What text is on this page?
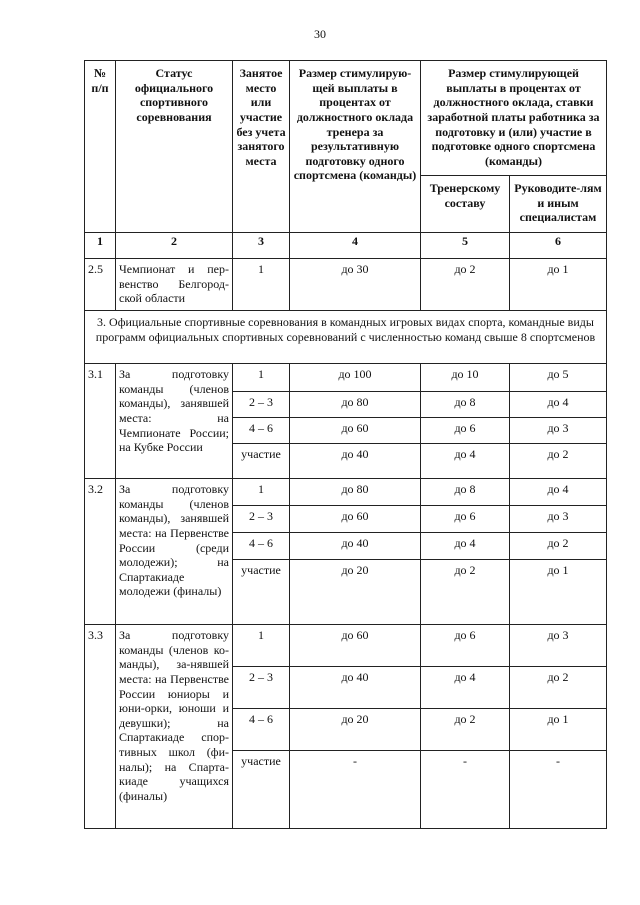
30
№ п/п	Статус официального спортивного соревнования	Занятое место или участие без учета занятого места	Размер стимулирую-щей выплаты в процентах от должностного оклада тренера за результативную подготовку одного спортсмена (команды)	Размер стимулирующей выплаты в процентах от должностного оклада, ставки заработной платы работника за подготовку и (или) участие в подготовке одного спортсмена (команды)	
				Тренерскому составу	Руководите-лям и иным специалистам
1	2	3	4	5	6
2.5	Чемпионат и пер-венство Белгород-ской области	1	до 30	до 2	до 1
3. Официальные спортивные соревнования в командных игровых видах спорта, командные виды программ официальных спортивных соревнований с численностью команд свыше 8 спортсменов					
3.1	За подготовку команды (членов команды), занявшей места: на Чемпионате России; на Кубке России	1	до 100	до 10	до 5
		2 – 3	до 80	до 8	до 4
		4 – 6	до 60	до 6	до 3
		участие	до 40	до 4	до 2
3.2	За подготовку команды (членов команды), занявшей места: на Первенстве России (среди молодежи); на Спартакиаде молодежи (финалы)	1	до 80	до 8	до 4
		2 – 3	до 60	до 6	до 3
		4 – 6	до 40	до 4	до 2
		участие	до 20	до 2	до 1
3.3	За подготовку команды (членов ко-манды), за-нявшей места: на Первенстве России юниоры и юни-орки, юноши и девушки); на Спартакиаде спор-тивных школ (фи-налы); на Спарта-киаде учащихся (финалы)	1	до 60	до 6	до 3
		2 – 3	до 40	до 4	до 2
		4 – 6	до 20	до 2	до 1
		участие	-	-	-
